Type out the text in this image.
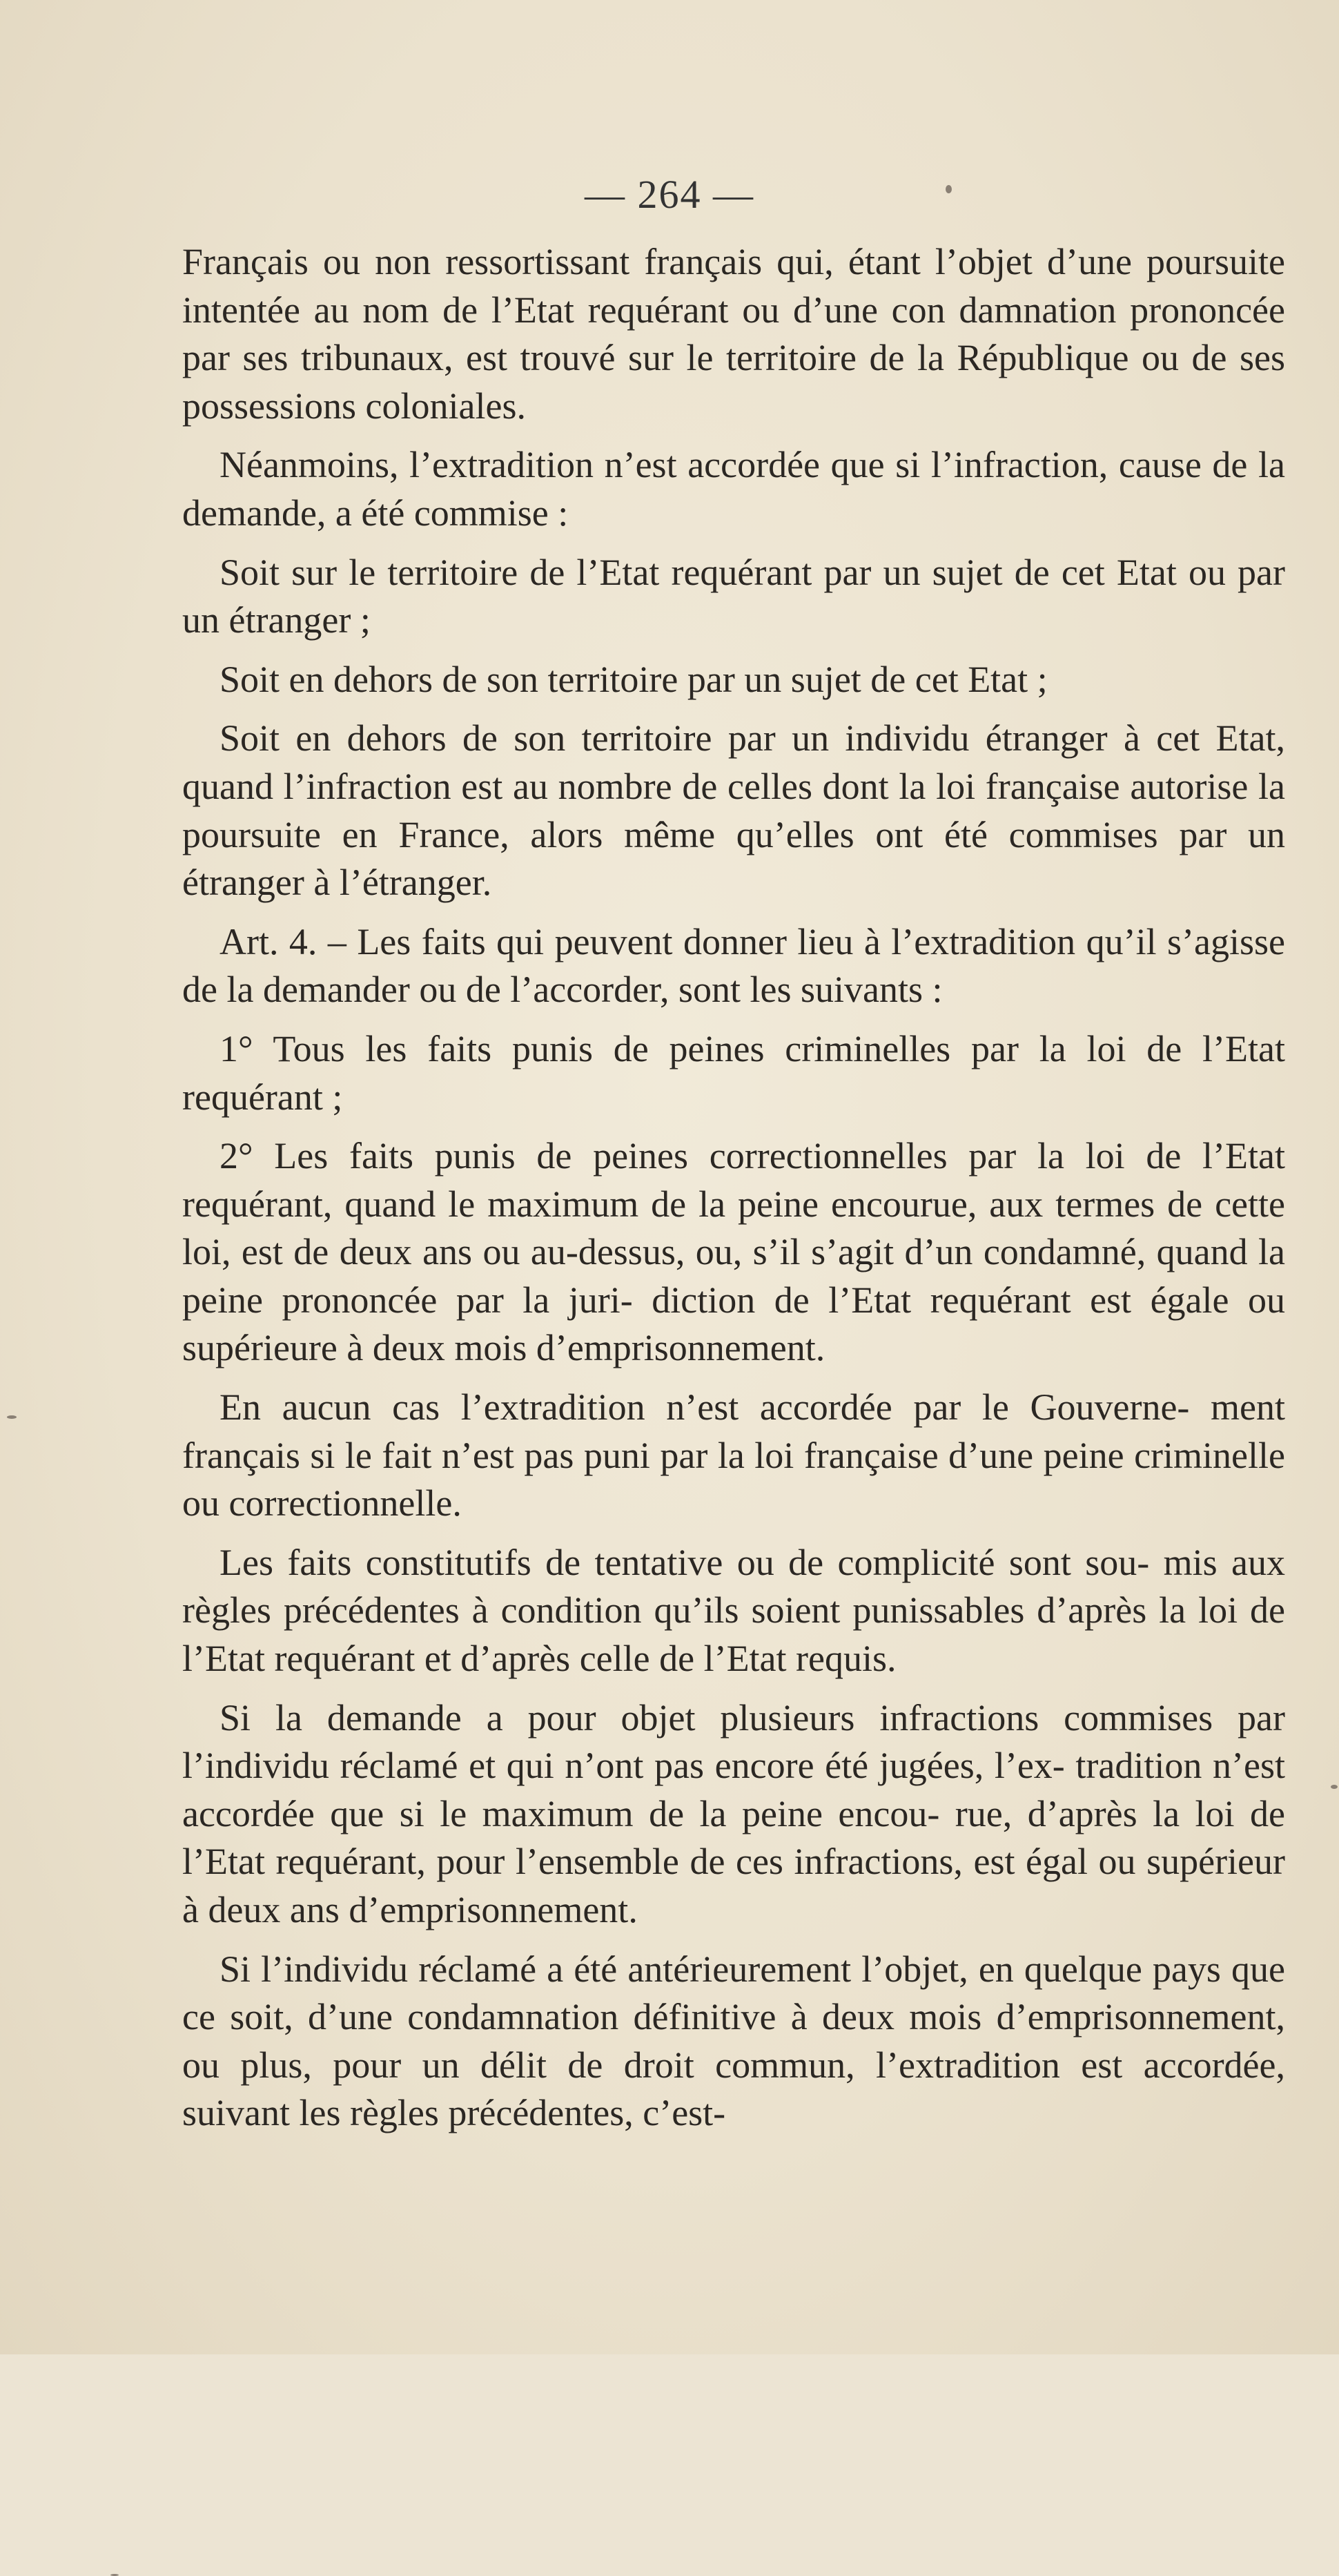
— 264 —

Français ou non ressortissant français qui, étant l’objet d’une poursuite intentée au nom de l’Etat requérant ou d’une con damnation prononcée par ses tribunaux, est trouvé sur le territoire de la République ou de ses possessions coloniales.

Néanmoins, l’extradition n’est accordée que si l’infraction, cause de la demande, a été commise :

Soit sur le territoire de l’Etat requérant par un sujet de cet Etat ou par un étranger ;

Soit en dehors de son territoire par un sujet de cet Etat ;

Soit en dehors de son territoire par un individu étranger à cet Etat, quand l’infraction est au nombre de celles dont la loi française autorise la poursuite en France, alors même qu’elles ont été commises par un étranger à l’étranger.

Art. 4. – Les faits qui peuvent donner lieu à l’extradition qu’il s’agisse de la demander ou de l’accorder, sont les suivants :

1° Tous les faits punis de peines criminelles par la loi de l’Etat requérant ;

2° Les faits punis de peines correctionnelles par la loi de l’Etat requérant, quand le maximum de la peine encourue, aux termes de cette loi, est de deux ans ou au-dessus, ou, s’il s’agit d’un condamné, quand la peine prononcée par la juri- diction de l’Etat requérant est égale ou supérieure à deux mois d’emprisonnement.

En aucun cas l’extradition n’est accordée par le Gouverne- ment français si le fait n’est pas puni par la loi française d’une peine criminelle ou correctionnelle.

Les faits constitutifs de tentative ou de complicité sont sou- mis aux règles précédentes à condition qu’ils soient punissables d’après la loi de l’Etat requérant et d’après celle de l’Etat requis.

Si la demande a pour objet plusieurs infractions commises par l’individu réclamé et qui n’ont pas encore été jugées, l’ex- tradition n’est accordée que si le maximum de la peine encou- rue, d’après la loi de l’Etat requérant, pour l’ensemble de ces infractions, est égal ou supérieur à deux ans d’emprisonnement.

Si l’individu réclamé a été antérieurement l’objet, en quelque pays que ce soit, d’une condamnation définitive à deux mois d’emprisonnement, ou plus, pour un délit de droit commun, l’extradition est accordée, suivant les règles précédentes, c’est-
